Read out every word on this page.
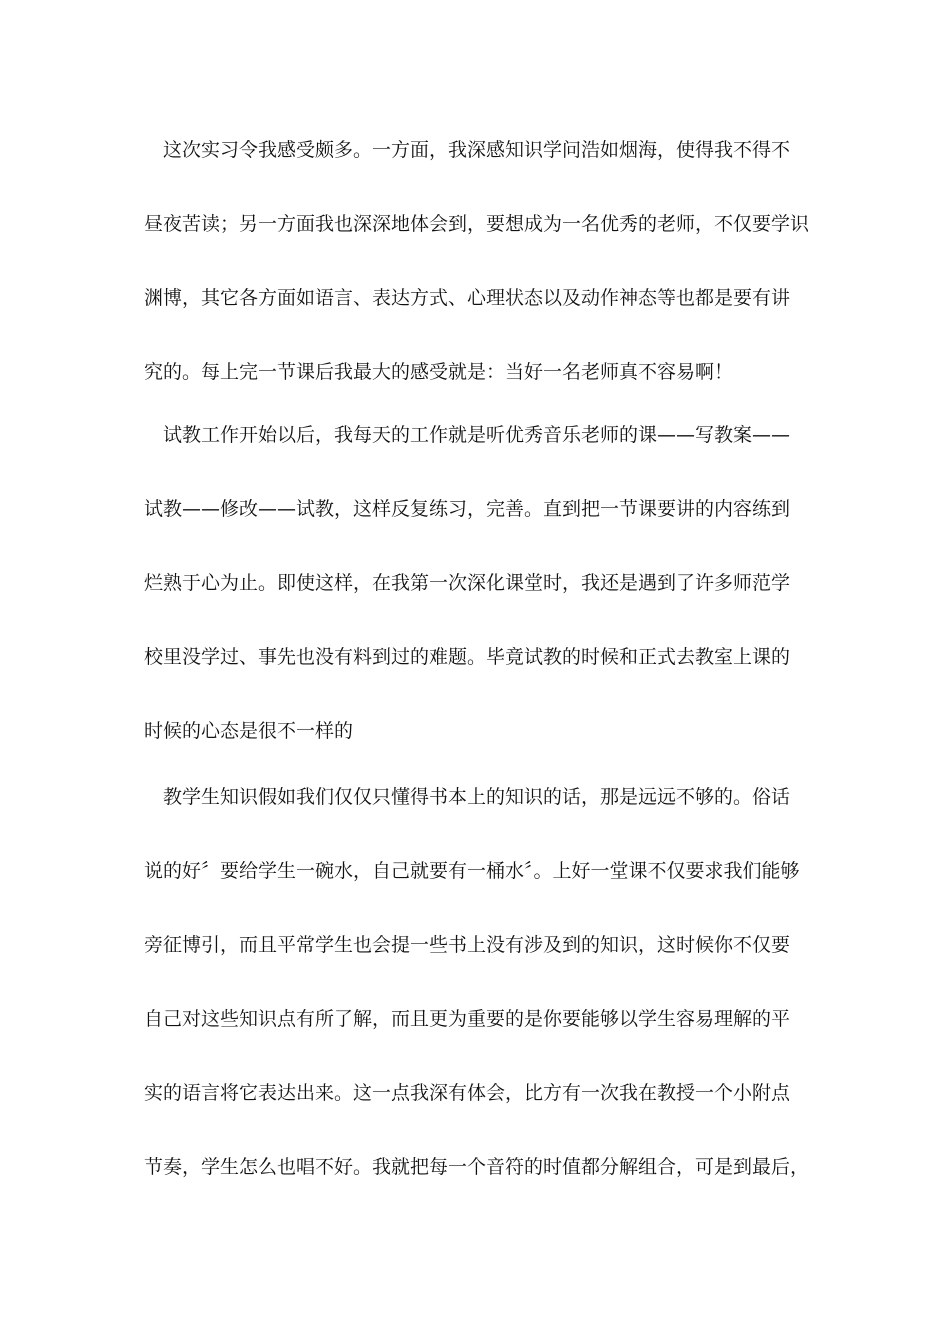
　这次实习令我感受颇多。一方面，我深感知识学问浩如烟海，使得我不得不
昼夜苦读；另一方面我也深深地体会到，要想成为一名优秀的老师，不仅要学识
渊博，其它各方面如语言、表达方式、心理状态以及动作神态等也都是要有讲
究的。每上完一节课后我最大的感受就是：当好一名老师真不容易啊！
　试教工作开始以后，我每天的工作就是听优秀音乐老师的课——写教案——
试教——修改——试教，这样反复练习，完善。直到把一节课要讲的内容练到
烂熟于心为止。即使这样，在我第一次深化课堂时，我还是遇到了许多师范学
校里没学过、事先也没有料到过的难题。毕竟试教的时候和正式去教室上课的
时候的心态是很不一样的
　教学生知识假如我们仅仅只懂得书本上的知识的话，那是远远不够的。俗话
说的好〞要给学生一碗水，自己就要有一桶水〞。上好一堂课不仅要求我们能够
旁征博引，而且平常学生也会提一些书上没有涉及到的知识，这时候你不仅要
自己对这些知识点有所了解，而且更为重要的是你要能够以学生容易理解的平
实的语言将它表达出来。这一点我深有体会，比方有一次我在教授一个小附点
节奏，学生怎么也唱不好。我就把每一个音符的时值都分解组合，可是到最后，
